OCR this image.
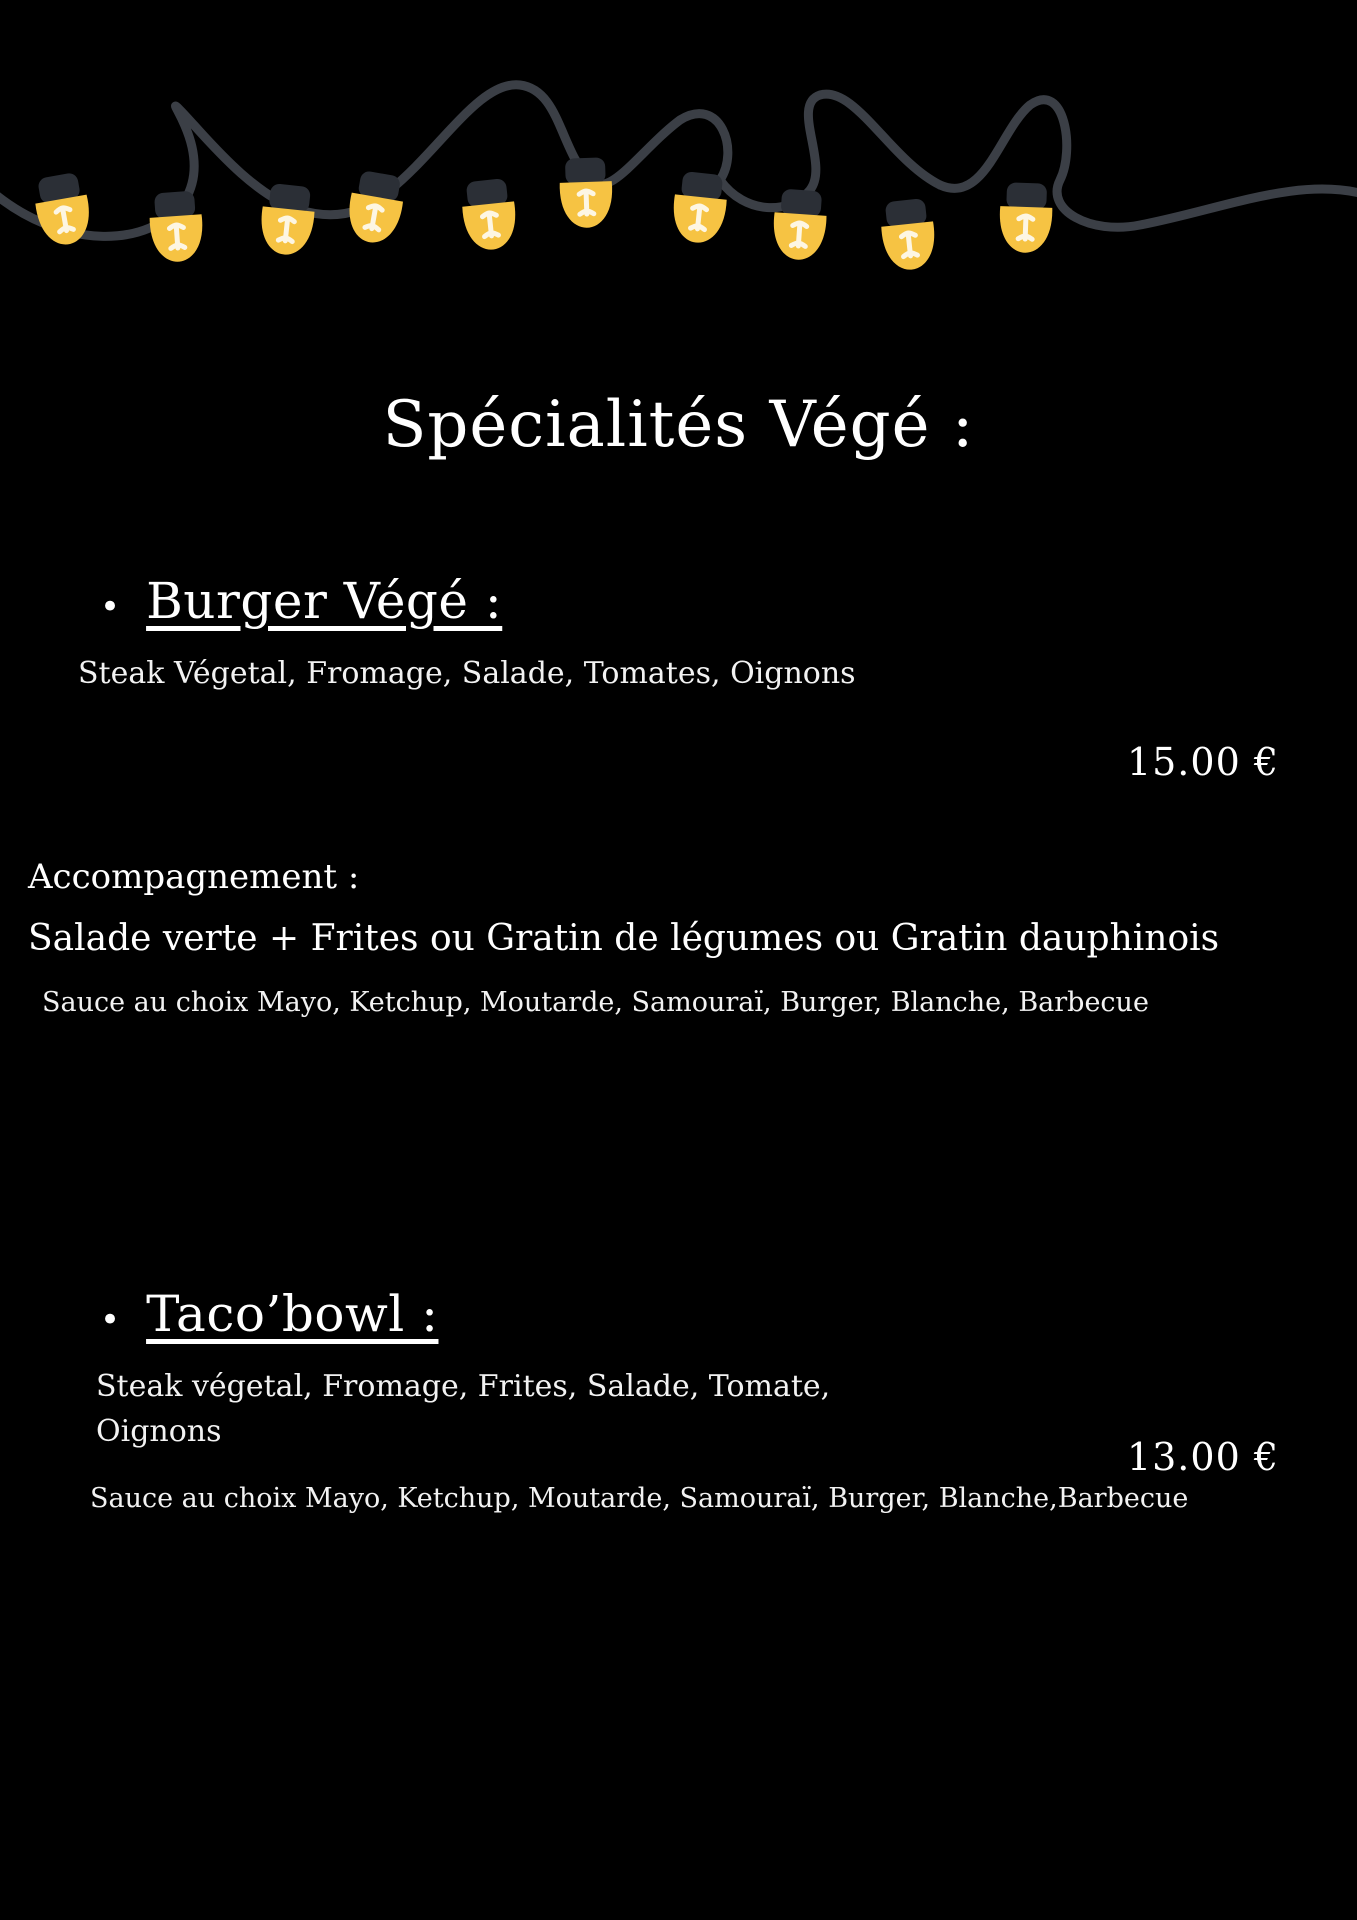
Spécialités Végé :
• Burger Végé :
Steak Végetal, Fromage, Salade, Tomates, Oignons
15.00 €
Accompagnement :
Salade verte + Frites ou Gratin de légumes ou Gratin dauphinois
Sauce au choix Mayo, Ketchup, Moutarde, Samouraï, Burger, Blanche, Barbecue
• Taco’bowl :
Steak végetal, Fromage, Frites, Salade, Tomate,
Oignons
13.00 €
Sauce au choix Mayo, Ketchup, Moutarde, Samouraï, Burger, Blanche,Barbecue
